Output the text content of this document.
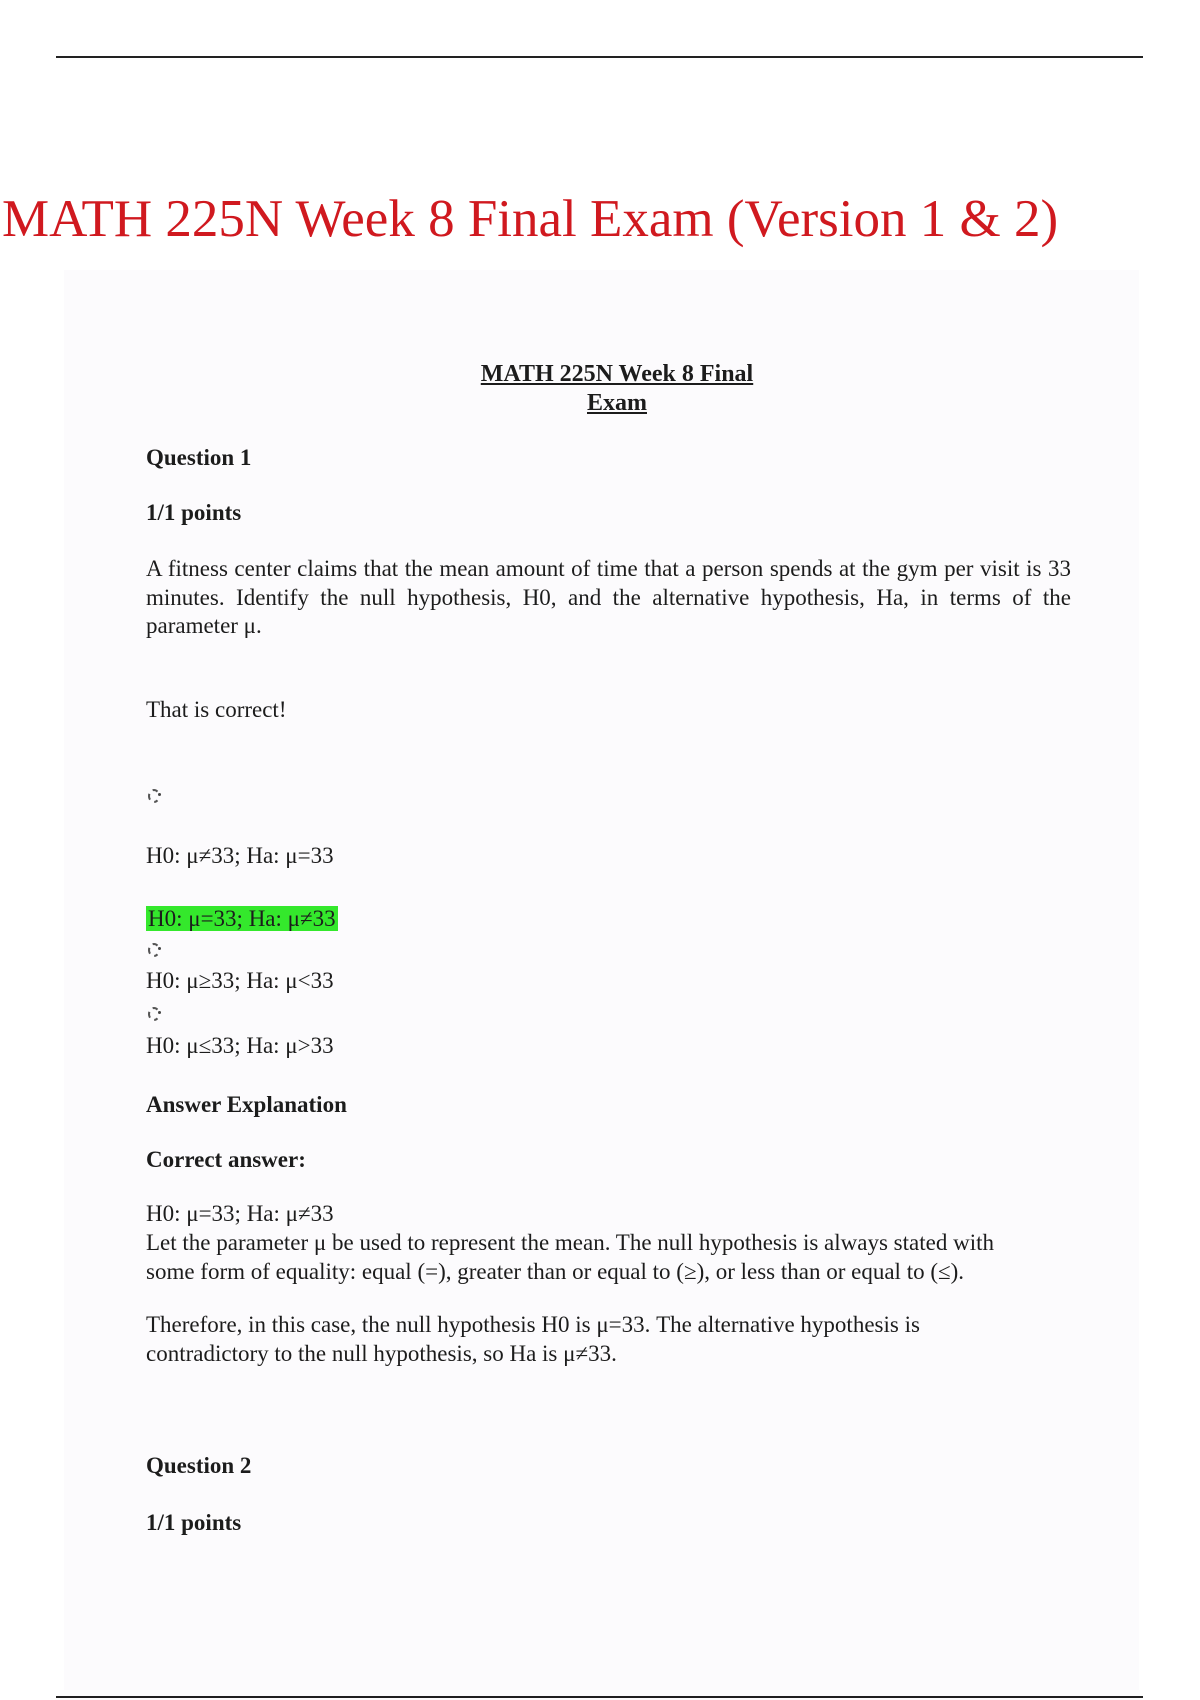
MATH 225N Week 8 Final Exam (Version 1 & 2)
MATH 225N Week 8 Final
Exam

Question 1

1/1 points

A fitness center claims that the mean amount of time that a person spends at the gym per visit is 33 minutes. Identify the null hypothesis, H0, and the alternative hypothesis, Ha, in terms of the parameter μ.

That is correct!

H0: μ≠33; Ha: μ=33

H0: μ=33; Ha: μ≠33

H0: μ≥33; Ha: μ<33

H0: μ≤33; Ha: μ>33

Answer Explanation

Correct answer:

H0: μ=33; Ha: μ≠33

Let the parameter μ be used to represent the mean. The null hypothesis is always stated with some form of equality: equal (=), greater than or equal to (≥), or less than or equal to (≤).

Therefore, in this case, the null hypothesis H0 is μ=33. The alternative hypothesis is contradictory to the null hypothesis, so Ha is μ≠33.

Question 2

1/1 points
